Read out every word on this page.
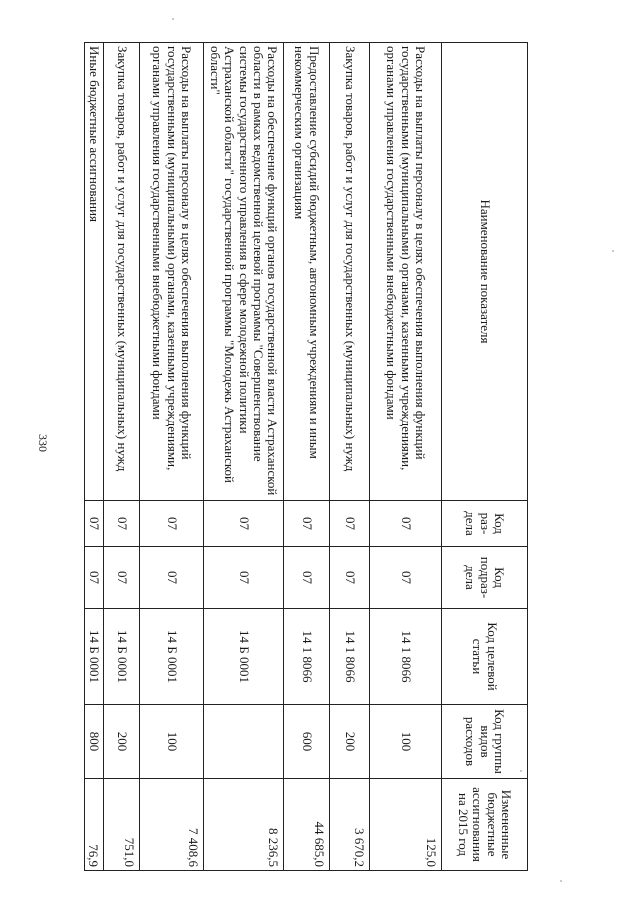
330
Наименование показателя	Код раз- дела	Код подраз- дела	Код целевой статьи	Код группы видов расходов	Измененные бюджетные ассигнования на 2015 год
Расходы на выплаты персоналу в целях обеспечения выполнения функций государственными (муниципальными) органами, казенными учреждениями, органами управления государственными внебюджетными фондами	07	07	14 1 8066	100	125,0
Закупка товаров, работ и услуг для государственных (муниципальных) нужд	07	07	14 1 8066	200	3 670,2
Предоставление субсидий бюджетным, автономным учреждениям и иным некоммерческим организациям	07	07	14 1 8066	600	44 685,0
Расходы на обеспечение функций органов государственной власти Астраханской области в рамках ведомственной целевой программы "Совершенствование системы государственного управления в сфере молодежной политики Астраханской области" государственной программы "Молодежь Астраханской области"	07	07	14 Б 0001		8 236,5
Расходы на выплаты персоналу в целях обеспечения выполнения функций государственными (муниципальными) органами, казенными учреждениями, органами управления государственными внебюджетными фондами	07	07	14 Б 0001	100	7 408,6
Закупка товаров, работ и услуг для государственных (муниципальных) нужд	07	07	14 Б 0001	200	751,0
Иные бюджетные ассигнования	07	07	14 Б 0001	800	76,9
